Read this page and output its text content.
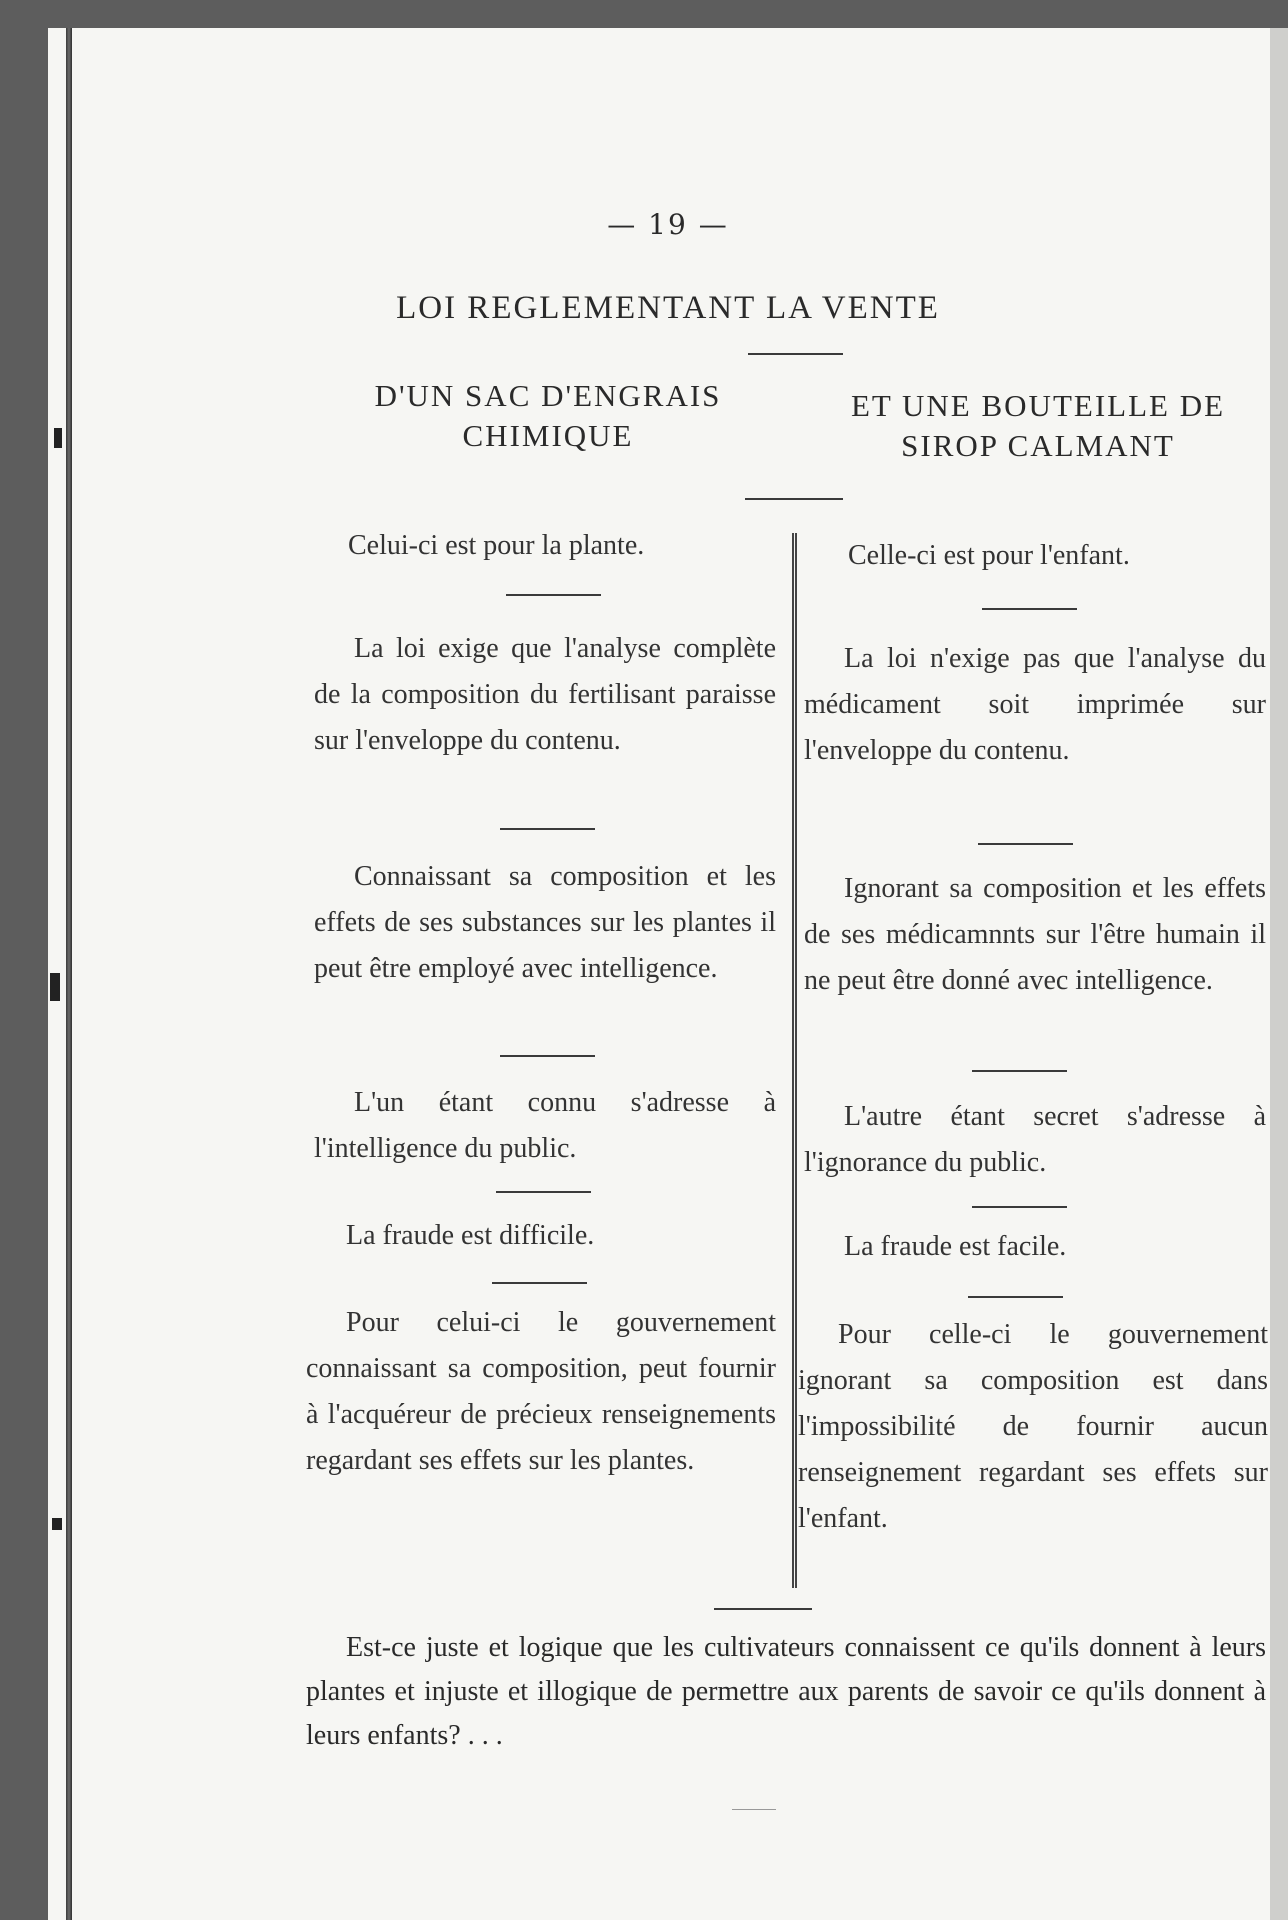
— 19 —
LOI REGLEMENTANT LA VENTE
D'UN SAC D'ENGRAIS
CHIMIQUE
ET UNE BOUTEILLE DE
SIROP CALMANT
Celui-ci est pour la plante.
La loi exige que l'analyse complète de la composition du fertilisant paraisse sur l'enveloppe du contenu.
Connaissant sa composition et les effets de ses substances sur les plantes il peut être employé avec intelligence.
L'un étant connu s'adresse à l'intelligence du public.
La fraude est difficile.
Pour celui-ci le gouvernement connaissant sa composition, peut fournir à l'acquéreur de précieux renseignements regardant ses effets sur les plantes.
Celle-ci est pour l'enfant.
La loi n'exige pas que l'analyse du médicament soit imprimée sur l'enveloppe du contenu.
Ignorant sa composition et les effets de ses médicamnnts sur l'être humain il ne peut être donné avec intelligence.
L'autre étant secret s'adresse à l'ignorance du public.
La fraude est facile.
Pour celle-ci le gouvernement ignorant sa composition est dans l'impossibilité de fournir aucun renseignement regardant ses effets sur l'enfant.
Est-ce juste et logique que les cultivateurs connaissent ce qu'ils donnent à leurs plantes et injuste et illogique de permettre aux parents de savoir ce qu'ils donnent à leurs enfants? . . .
